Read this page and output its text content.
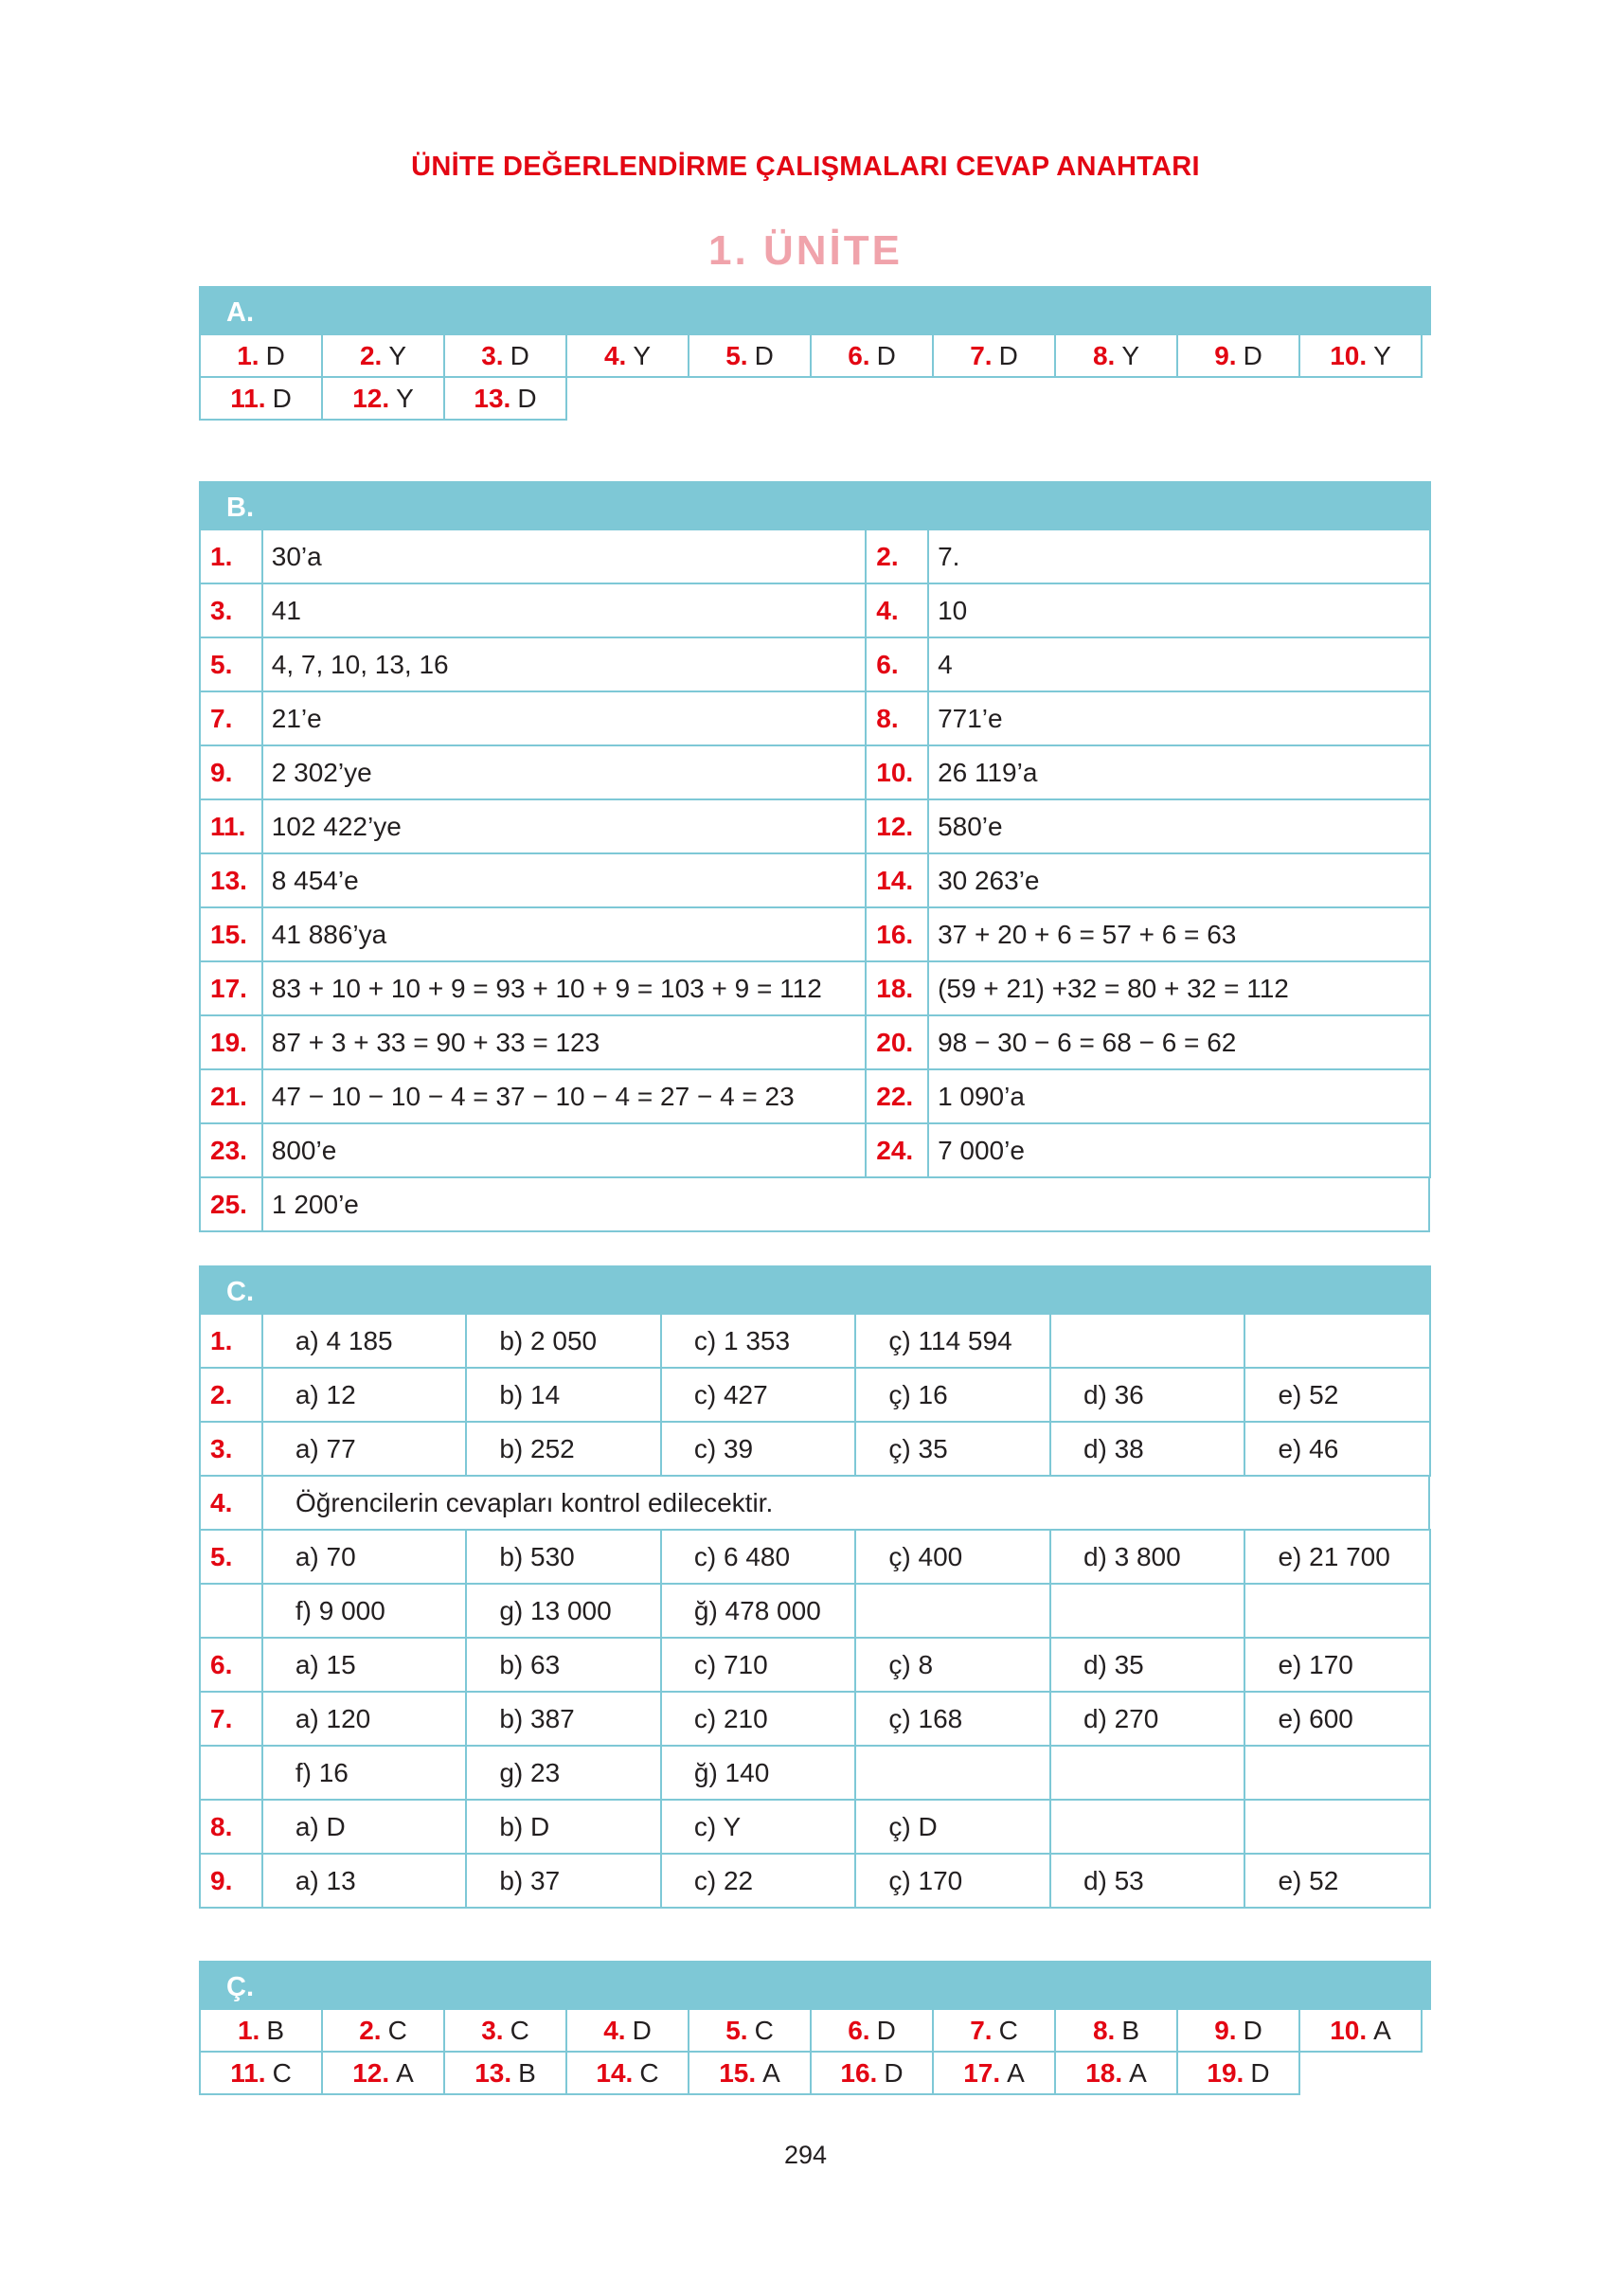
ÜNİTE DEĞERLENDİRME ÇALIŞMALARI CEVAP ANAHTARI
1. ÜNİTE
A.
1. D	2. Y	3. D	4. Y	5. D	6. D	7. D	8. Y	9. D	10. Y
11. D 12. Y 13. D
B.
1.	30’a	2.	7.
3.	41	4.	10
5.	4, 7, 10, 13, 16	6.	4
7.	21’e	8.	771’e
9.	2 302’ye	10. 26 119’a
11. 102 422’ye	12. 580’e
13. 8 454’e	14. 30 263’e
15. 41 886’ya	16. 37 + 20 + 6 = 57 + 6 = 63
17. 83 + 10 + 10 + 9 = 93 + 10 + 9 = 103 + 9 = 112	18. (59 + 21) +32 = 80 + 32 = 112
19. 87 + 3 + 33 = 90 + 33 = 123	20. 98 − 30 − 6 = 68 − 6 = 62
21. 47 − 10 − 10 − 4 = 37 − 10 − 4 = 27 − 4 = 23	22. 1 090’a
23. 800’e	24. 7 000’e
25. 1 200’e
C.
1.	a) 4 185	b) 2 050	c) 1 353	ç) 114 594
2.	a) 12	b) 14	c) 427	ç) 16	d) 36	e) 52
3.	a) 77	b) 252	c) 39	ç) 35	d) 38	e) 46
4.	Öğrencilerin cevapları kontrol edilecektir.
5.	a) 70	b) 530	c) 6 480	ç) 400	d) 3 800	e) 21 700
f) 9 000	g) 13 000	ğ) 478 000
6.	a) 15	b) 63	c) 710	ç) 8	d) 35	e) 170
7.	a) 120	b) 387	c) 210	ç) 168	d) 270	e) 600
f) 16	g) 23	ğ) 140
8.	a) D	b) D	c) Y	ç) D
9.	a) 13	b) 37	c) 22	ç) 170	d) 53	e) 52
Ç.
1. B	2. C	3. C	4. D	5. C	6. D	7. C	8. B	9. D	10. A
11. C 12. A 13. B 14. C 15. A 16. D 17. A 18. A 19. D
294
